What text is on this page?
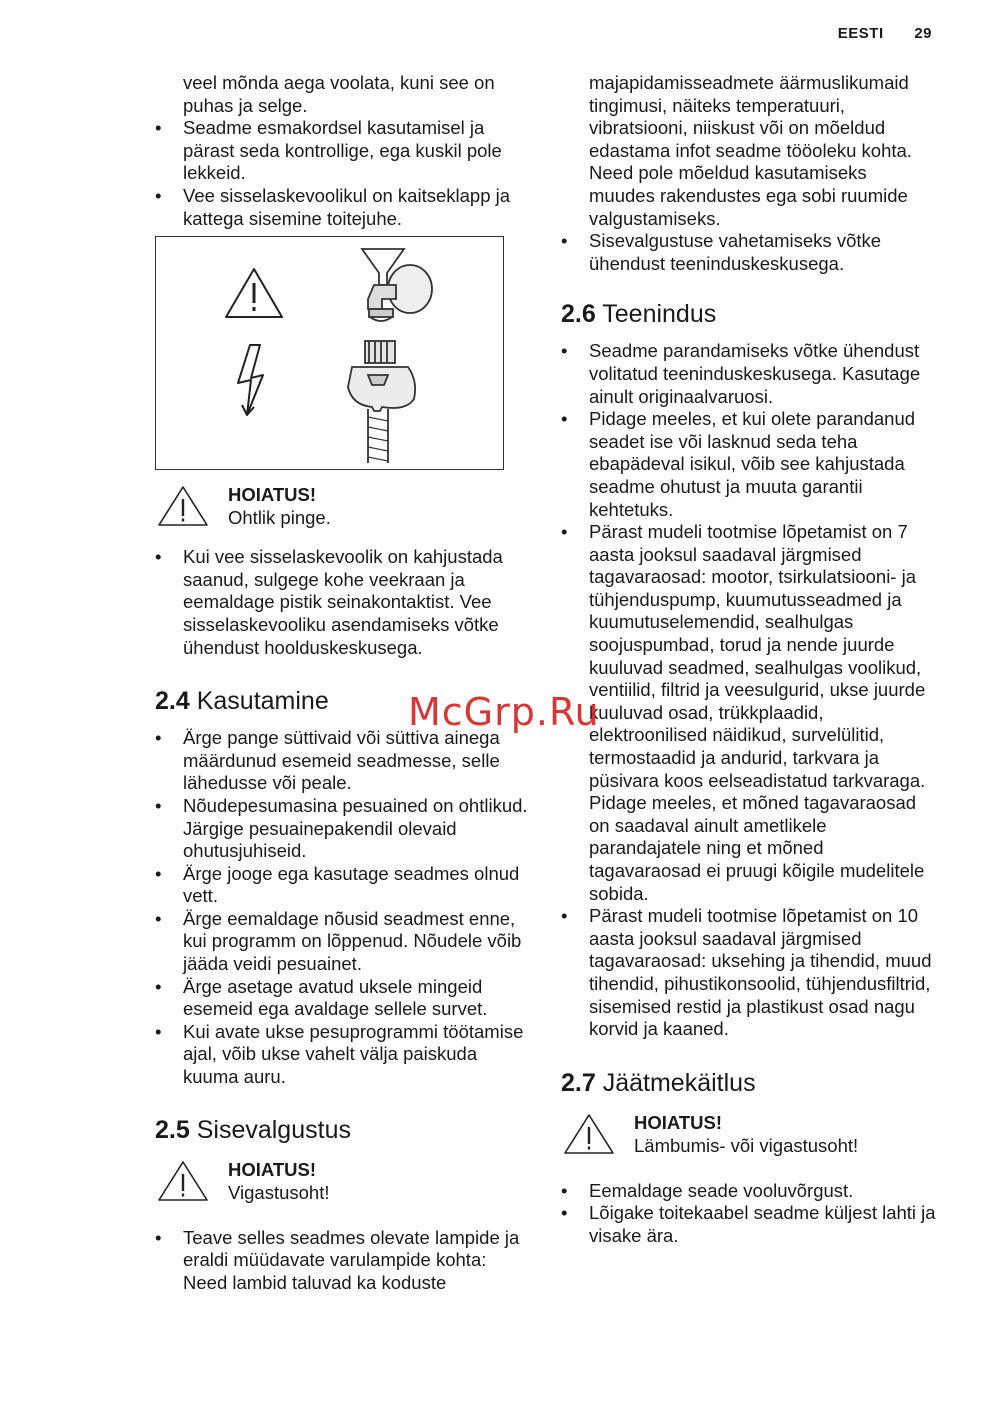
EESTI 29
veel mõnda aega voolata, kuni see on puhas ja selge.
• Seadme esmakordsel kasutamisel ja pärast seda kontrollige, ega kuskil pole lekkeid.
• Vee sisselaskevoolikul on kaitseklapp ja kattega sisemine toitejuhe.
HOIATUS!
Ohtlik pinge.
• Kui vee sisselaskevoolik on kahjustada saanud, sulgege kohe veekraan ja eemaldage pistik seinakontaktist. Vee sisselaskevooliku asendamiseks võtke ühendust hoolduskeskusega.
2.4 Kasutamine
• Ärge pange süttivaid või süttiva ainega määrdunud esemeid seadmesse, selle lähedusse või peale.
• Nõudepesumasina pesuained on ohtlikud. Järgige pesuainepakendil olevaid ohutusjuhiseid.
• Ärge jooge ega kasutage seadmes olnud vett.
• Ärge eemaldage nõusid seadmest enne, kui programm on lõppenud. Nõudele võib jääda veidi pesuainet.
• Ärge asetage avatud uksele mingeid esemeid ega avaldage sellele survet.
• Kui avate ukse pesuprogrammi töötamise ajal, võib ukse vahelt välja paiskuda kuuma auru.
2.5 Sisevalgustus
HOIATUS!
Vigastusoht!
• Teave selles seadmes olevate lampide ja eraldi müüdavate varulampide kohta: Need lambid taluvad ka koduste
majapidamisseadmete äärmuslikumaid tingimusi, näiteks temperatuuri, vibratsiooni, niiskust või on mõeldud edastama infot seadme tööoleku kohta. Need pole mõeldud kasutamiseks muudes rakendustes ega sobi ruumide valgustamiseks.
• Sisevalgustuse vahetamiseks võtke ühendust teeninduskeskusega.
2.6 Teenindus
• Seadme parandamiseks võtke ühendust volitatud teeninduskeskusega. Kasutage ainult originaalvaruosi.
• Pidage meeles, et kui olete parandanud seadet ise või lasknud seda teha ebapädeval isikul, võib see kahjustada seadme ohutust ja muuta garantii kehtetuks.
• Pärast mudeli tootmise lõpetamist on 7 aasta jooksul saadaval järgmised tagavaraosad: mootor, tsirkulatsiooni- ja tühjenduspump, kuumutusseadmed ja kuumutuselemendid, sealhulgas soojuspumbad, torud ja nende juurde kuuluvad seadmed, sealhulgas voolikud, ventiilid, filtrid ja veesulgurid, ukse juurde kuuluvad osad, trükkplaadid, elektroonilised näidikud, survelülitid, termostaadid ja andurid, tarkvara ja püsivara koos eelseadistatud tarkvaraga. Pidage meeles, et mõned tagavaraosad on saadaval ainult ametlikele parandajatele ning et mõned tagavaraosad ei pruugi kõigile mudelitele sobida.
• Pärast mudeli tootmise lõpetamist on 10 aasta jooksul saadaval järgmised tagavaraosad: uksehing ja tihendid, muud tihendid, pihustikonsoolid, tühjendusfiltrid, sisemised restid ja plastikust osad nagu korvid ja kaaned.
2.7 Jäätmekäitlus
HOIATUS!
Lämbumis- või vigastusoht!
• Eemaldage seade vooluvõrgust.
• Lõigake toitekaabel seadme küljest lahti ja visake ära.
McGrp.Ru
